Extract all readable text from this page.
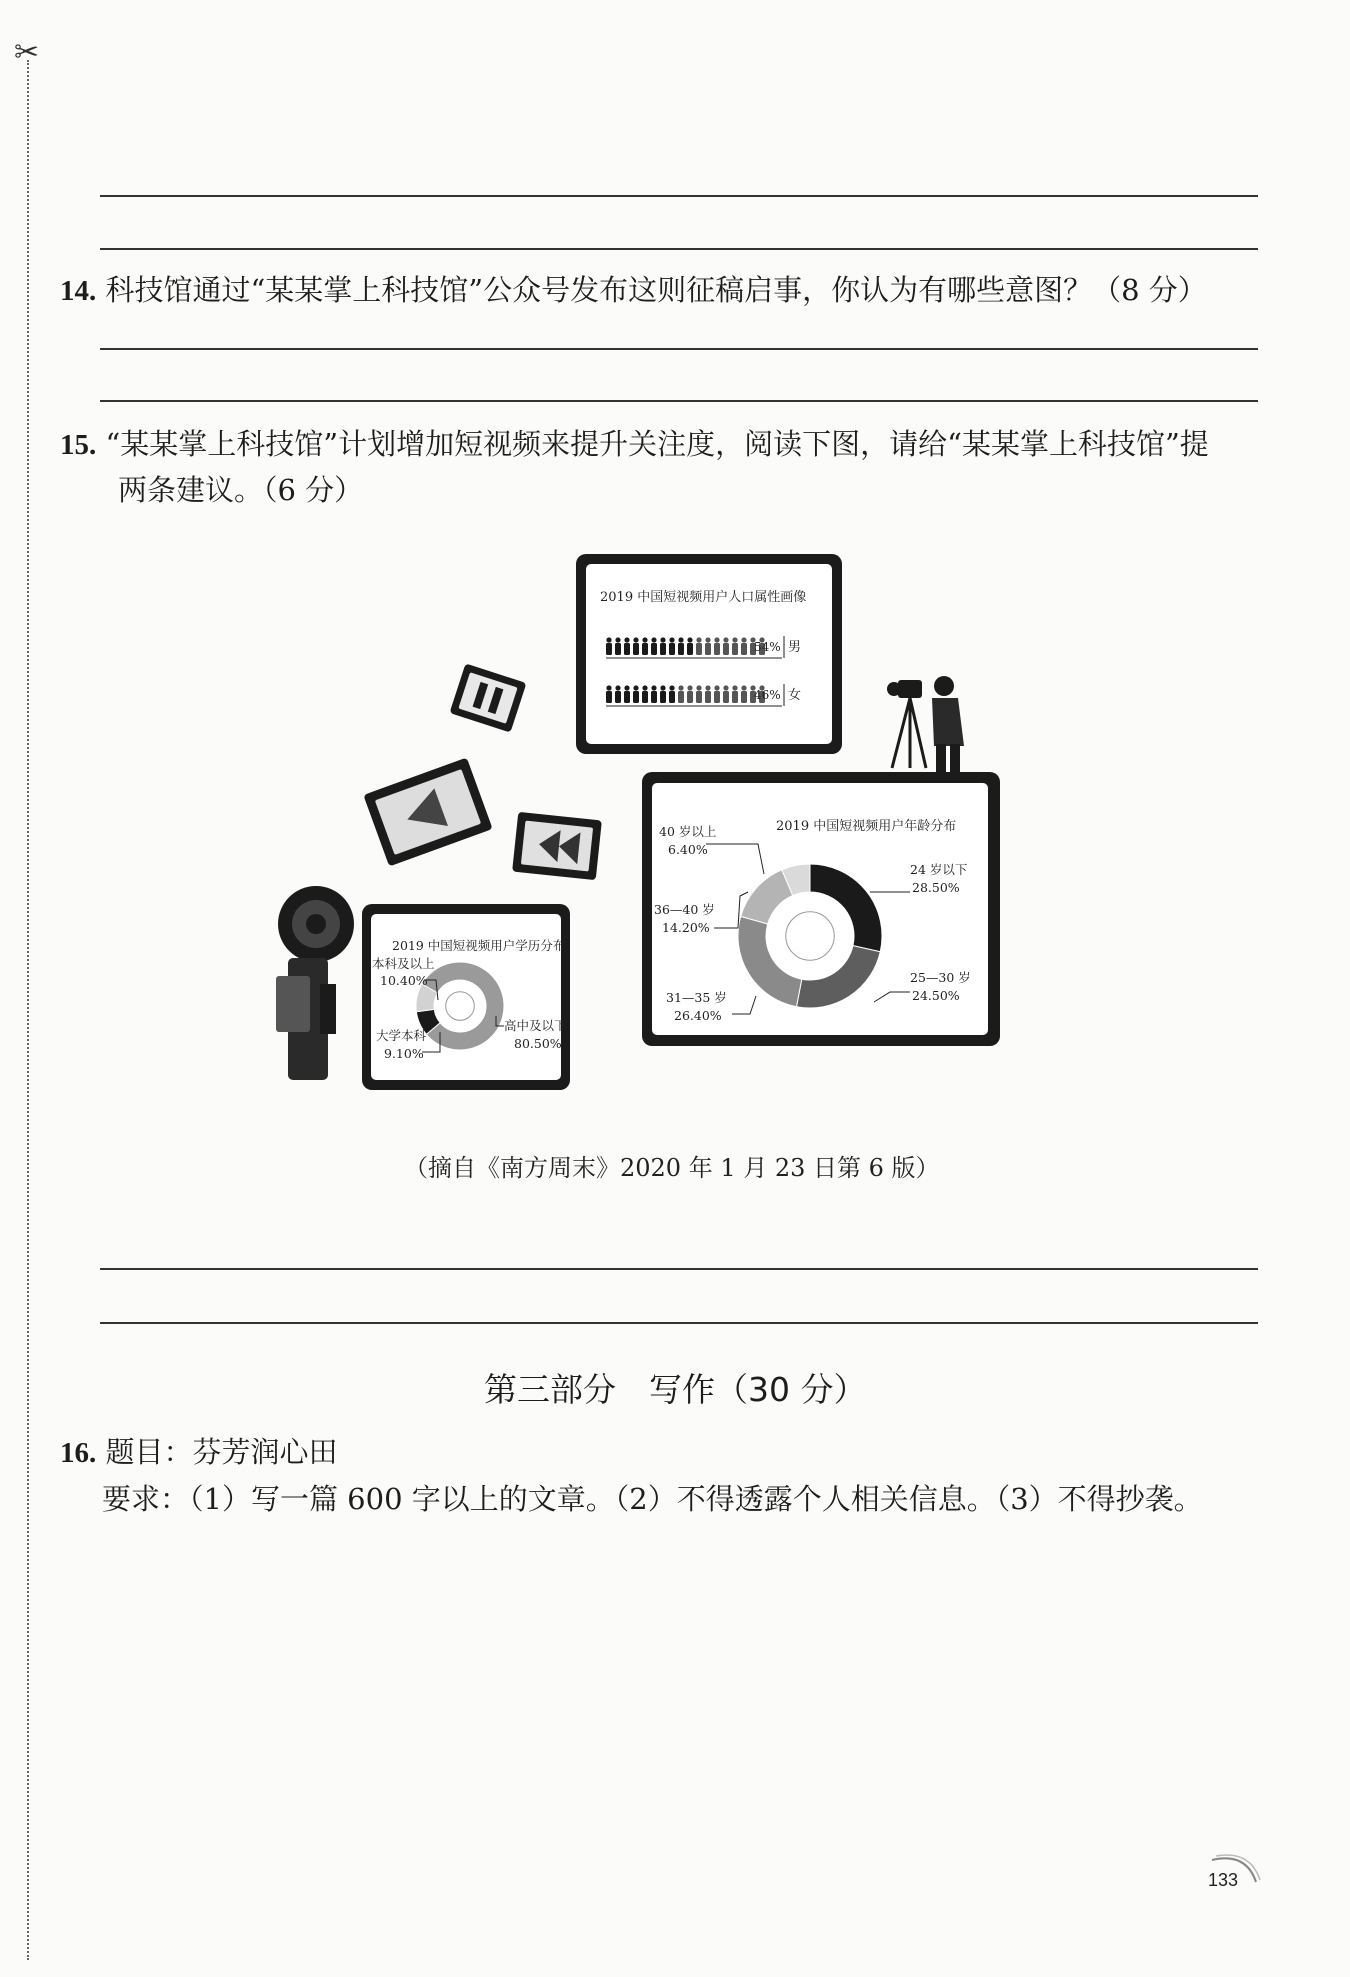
✂
14. 科技馆通过“某某掌上科技馆”公众号发布这则征稿启事，你认为有哪些意图？（8 分）
15. “某某掌上科技馆”计划增加短视频来提升关注度，阅读下图，请给“某某掌上科技馆”提
两条建议。（6 分）
2019 中国短视频用户人口属性画像
54% 男
46% 女
2019 中国短视频用户年龄分布
40 岁以上
6.40%
24 岁以下
28.50%
36—40 岁
14.20%
25—30 岁
24.50%
31—35 岁
26.40%
2019 中国短视频用户学历分布
本科及以上
10.40%
高中及以下
80.50%
大学本科
9.10%
（摘自《南方周末》2020 年 1 月 23 日第 6 版）
第三部分　写作（30 分）
16. 题目：芬芳润心田
要求：（1）写一篇 600 字以上的文章。（2）不得透露个人相关信息。（3）不得抄袭。
133
